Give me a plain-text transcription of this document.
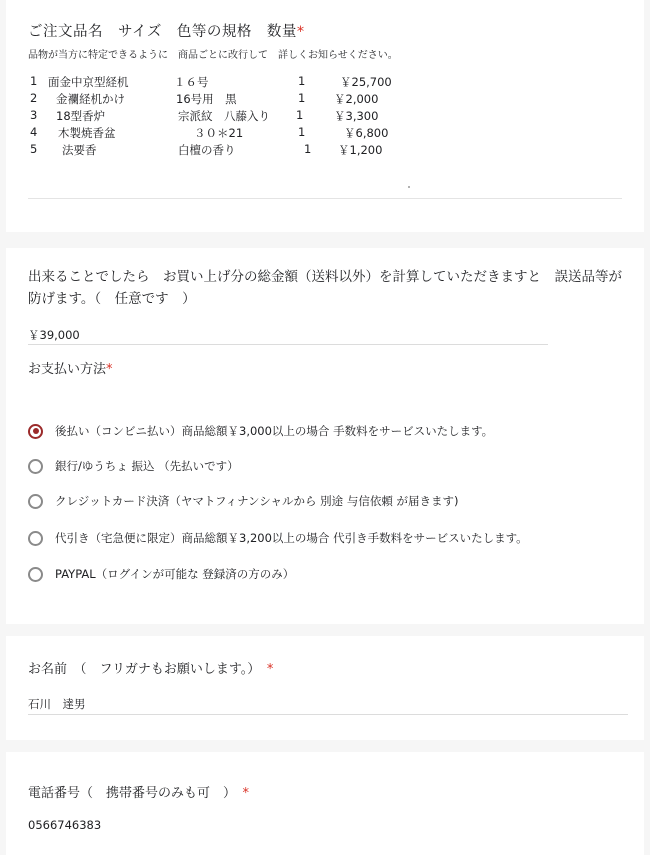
ご注文品名　サイズ　色等の規格　数量*
品物が当方に特定できるように　商品ごとに改行して　詳しくお知らせください。
1 面金中京型経机	１６号	1	￥25,700
2 金襴経机かけ	16号用　黒	1 ￥2,000
3 18型香炉	宗派紋　八藤入り 1	￥3,300
4 木製焼香盆	３０＊21	1	￥6,800
5 法要香	白檀の香り	1 ￥1,200
出来ることでしたら　お買い上げ分の総金額（送料以外）を計算していただきますと　誤送品等が防げます。（　任意です　）
￥39,000
お支払い方法*
後払い（コンビニ払い）商品総額￥3,000以上の場合 手数料をサービスいたします。
銀行/ゆうちょ 振込 （先払いです）
クレジットカード決済（ヤマトフィナンシャルから 別途 与信依頼 が届きます)
代引き（宅急便に限定）商品総額￥3,200以上の場合 代引き手数料をサービスいたします。
PAYPAL（ログインが可能な 登録済の方のみ）
お名前　（　フリガナもお願いします。）　 *
石川　達男
電話番号（　携帯番号のみも可　）　 *
0566746383
